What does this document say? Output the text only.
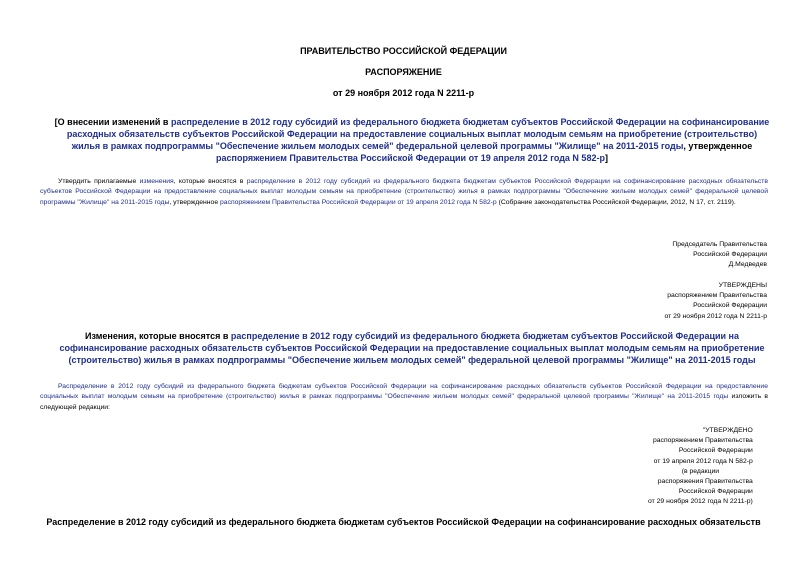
ПРАВИТЕЛЬСТВО РОССИЙСКОЙ ФЕДЕРАЦИИ
РАСПОРЯЖЕНИЕ
от 29 ноября 2012 года N 2211-р
[О внесении изменений в распределение в 2012 году субсидий из федерального бюджета бюджетам субъектов Российской Федерации на софинансирование расходных обязательств субъектов Российской Федерации на предоставление социальных выплат молодым семьям на приобретение (строительство) жилья в рамках подпрограммы "Обеспечение жильем молодых семей" федеральной целевой программы "Жилище" на 2011-2015 годы, утвержденное распоряжением Правительства Российской Федерации от 19 апреля 2012 года N 582-р]
Утвердить прилагаемые изменения, которые вносятся в распределение в 2012 году субсидий из федерального бюджета бюджетам субъектов Российской Федерации на софинансирование расходных обязательств субъектов Российской Федерации на предоставление социальных выплат молодым семьям на приобретение (строительство) жилья в рамках подпрограммы "Обеспечение жильем молодых семей" федеральной целевой программы "Жилище" на 2011-2015 годы, утвержденное распоряжением Правительства Российской Федерации от 19 апреля 2012 года N 582-р (Собрание законодательства Российской Федерации, 2012, N 17, ст. 2119).
Председатель Правительства
Российской Федерации
Д.Медведев
УТВЕРЖДЕНЫ
распоряжением Правительства
Российской Федерации
от 29 ноября 2012 года N 2211-р
Изменения, которые вносятся в распределение в 2012 году субсидий из федерального бюджета бюджетам субъектов Российской Федерации на софинансирование расходных обязательств субъектов Российской Федерации на предоставление социальных выплат молодым семьям на приобретение (строительство) жилья в рамках подпрограммы "Обеспечение жильем молодых семей" федеральной целевой программы "Жилище" на 2011-2015 годы
Распределение в 2012 году субсидий из федерального бюджета бюджетам субъектов Российской Федерации на софинансирование расходных обязательств субъектов Российской Федерации на предоставление социальных выплат молодым семьям на приобретение (строительство) жилья в рамках подпрограммы "Обеспечение жильем молодых семей" федеральной целевой программы "Жилище" на 2011-2015 годы изложить в следующей редакции:
"УТВЕРЖДЕНО
распоряжением Правительства
Российской Федерации
от 19 апреля 2012 года N 582-р
(в редакции
распоряжения Правительства
Российской Федерации
от 29 ноября 2012 года N 2211-р)
Распределение в 2012 году субсидий из федерального бюджета бюджетам субъектов Российской Федерации на софинансирование расходных обязательств
